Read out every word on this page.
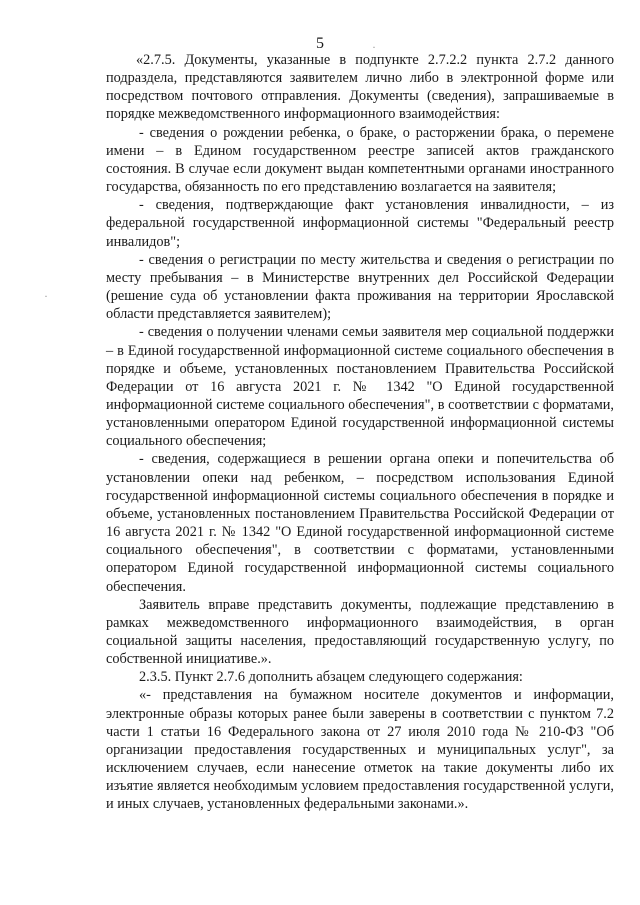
5	·
·

«2.7.5. Документы, указанные в подпункте 2.7.2.2 пункта 2.7.2 данного подраздела, представляются заявителем лично либо в электронной форме или посредством почтового отправления. Документы (сведения), запрашиваемые в порядке межведомственного информационного взаимодействия:

- сведения о рождении ребенка, о браке, о расторжении брака, о перемене имени – в Едином государственном реестре записей актов гражданского состояния. В случае если документ выдан компетентными органами иностранного государства, обязанность по его представлению возлагается на заявителя;

- сведения, подтверждающие факт установления инвалидности, – из федеральной государственной информационной системы "Федеральный реестр инвалидов";

- сведения о регистрации по месту жительства и сведения о регистрации по месту пребывания – в Министерстве внутренних дел Российской Федерации (решение суда об установлении факта проживания на территории Ярославской области представляется заявителем);

- сведения о получении членами семьи заявителя мер социальной поддержки – в Единой государственной информационной системе социального обеспечения в порядке и объеме, установленных постановлением Правительства Российской Федерации от 16 августа 2021 г. № 1342 "О Единой государственной информационной системе социального обеспечения", в соответствии с форматами, установленными оператором Единой государственной информационной системы социального обеспечения;

- сведения, содержащиеся в решении органа опеки и попечительства об установлении опеки над ребенком, – посредством использования Единой государственной информационной системы социального обеспечения в порядке и объеме, установленных постановлением Правительства Российской Федерации от 16 августа 2021 г. № 1342 "О Единой государственной информационной системе социального обеспечения", в соответствии с форматами, установленными оператором Единой государственной информационной системы социального обеспечения.

Заявитель вправе представить документы, подлежащие представлению в рамках межведомственного информационного взаимодействия, в орган социальной защиты населения, предоставляющий государственную услугу, по собственной инициативе.».

2.3.5. Пункт 2.7.6 дополнить абзацем следующего содержания:

«- представления на бумажном носителе документов и информации, электронные образы которых ранее были заверены в соответствии с пунктом 7.2 части 1 статьи 16 Федерального закона от 27 июля 2010 года № 210-ФЗ "Об организации предоставления государственных и муниципальных услуг", за исключением случаев, если нанесение отметок на такие документы либо их изъятие является необходимым условием предоставления государственной услуги, и иных случаев, установленных федеральными законами.».
